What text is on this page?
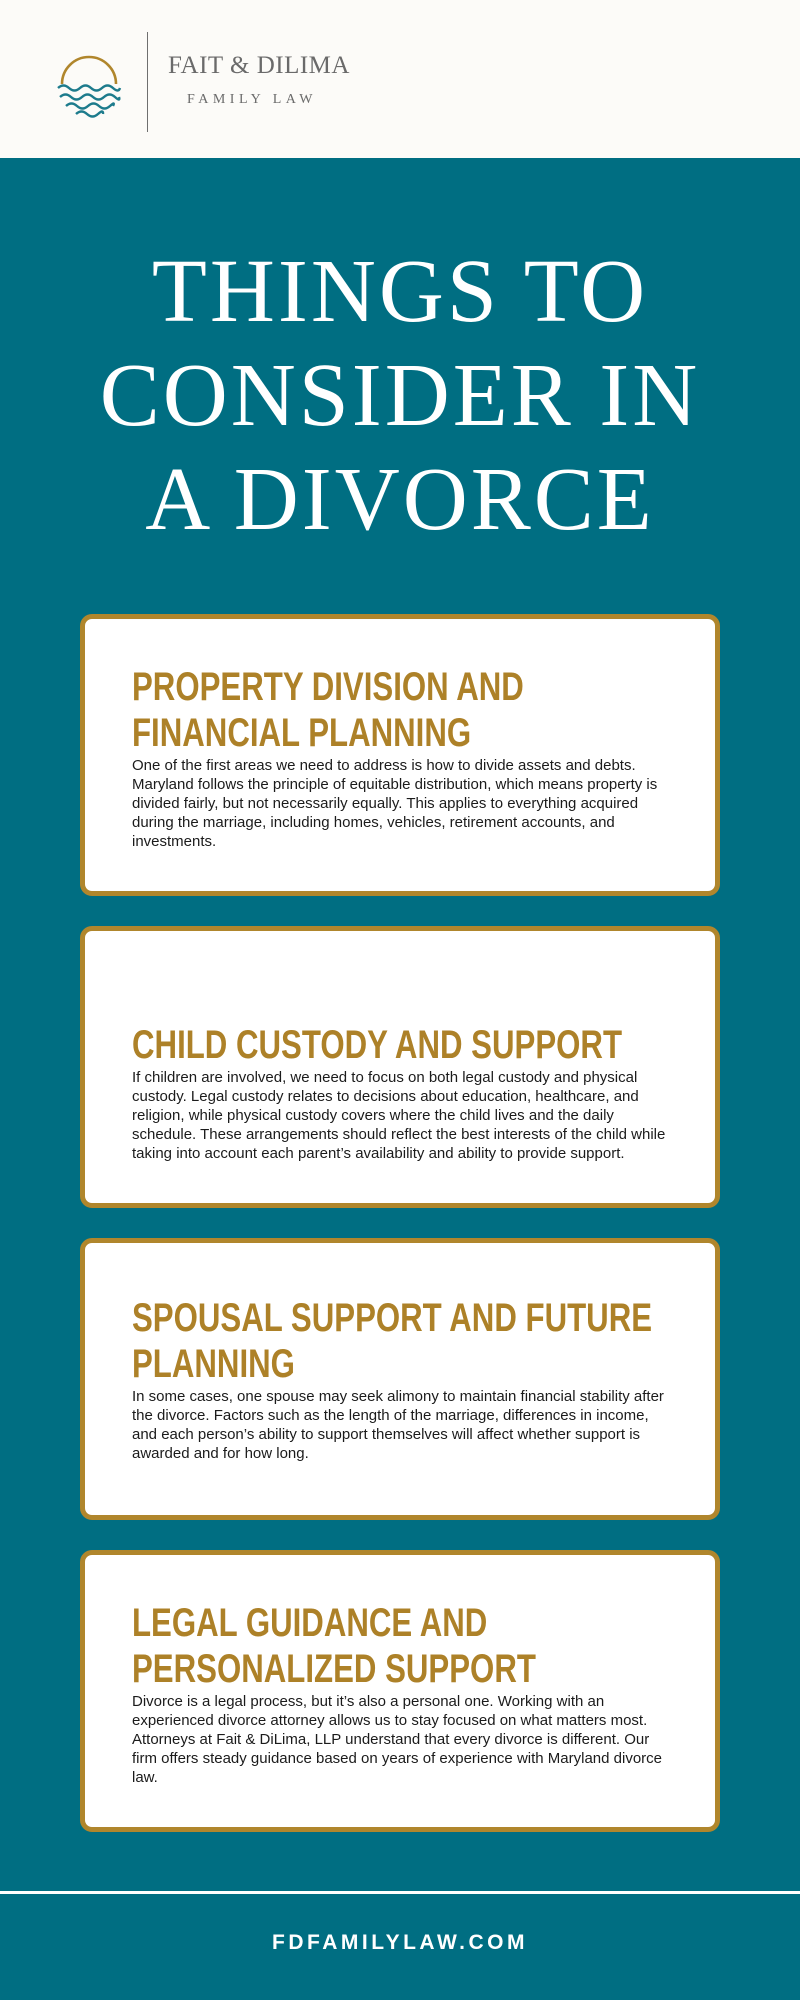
FAIT & DILIMA
FAMILY LAW
THINGS TO
CONSIDER IN
A DIVORCE
PROPERTY DIVISION AND FINANCIAL PLANNING

One of the first areas we need to address is how to divide assets and debts. Maryland follows the principle of equitable distribution, which means property is divided fairly, but not necessarily equally. This applies to everything acquired during the marriage, including homes, vehicles, retirement accounts, and investments.

CHILD CUSTODY AND SUPPORT

If children are involved, we need to focus on both legal custody and physical custody. Legal custody relates to decisions about education, healthcare, and religion, while physical custody covers where the child lives and the daily schedule. These arrangements should reflect the best interests of the child while taking into account each parent’s availability and ability to provide support.

SPOUSAL SUPPORT AND FUTURE PLANNING

In some cases, one spouse may seek alimony to maintain financial stability after the divorce. Factors such as the length of the marriage, differences in income, and each person’s ability to support themselves will affect whether support is awarded and for how long.

LEGAL GUIDANCE AND PERSONALIZED SUPPORT

Divorce is a legal process, but it’s also a personal one. Working with an experienced divorce attorney allows us to stay focused on what matters most. Attorneys at Fait & DiLima, LLP understand that every divorce is different. Our firm offers steady guidance based on years of experience with Maryland divorce law.

FDFAMILYLAW.COM
